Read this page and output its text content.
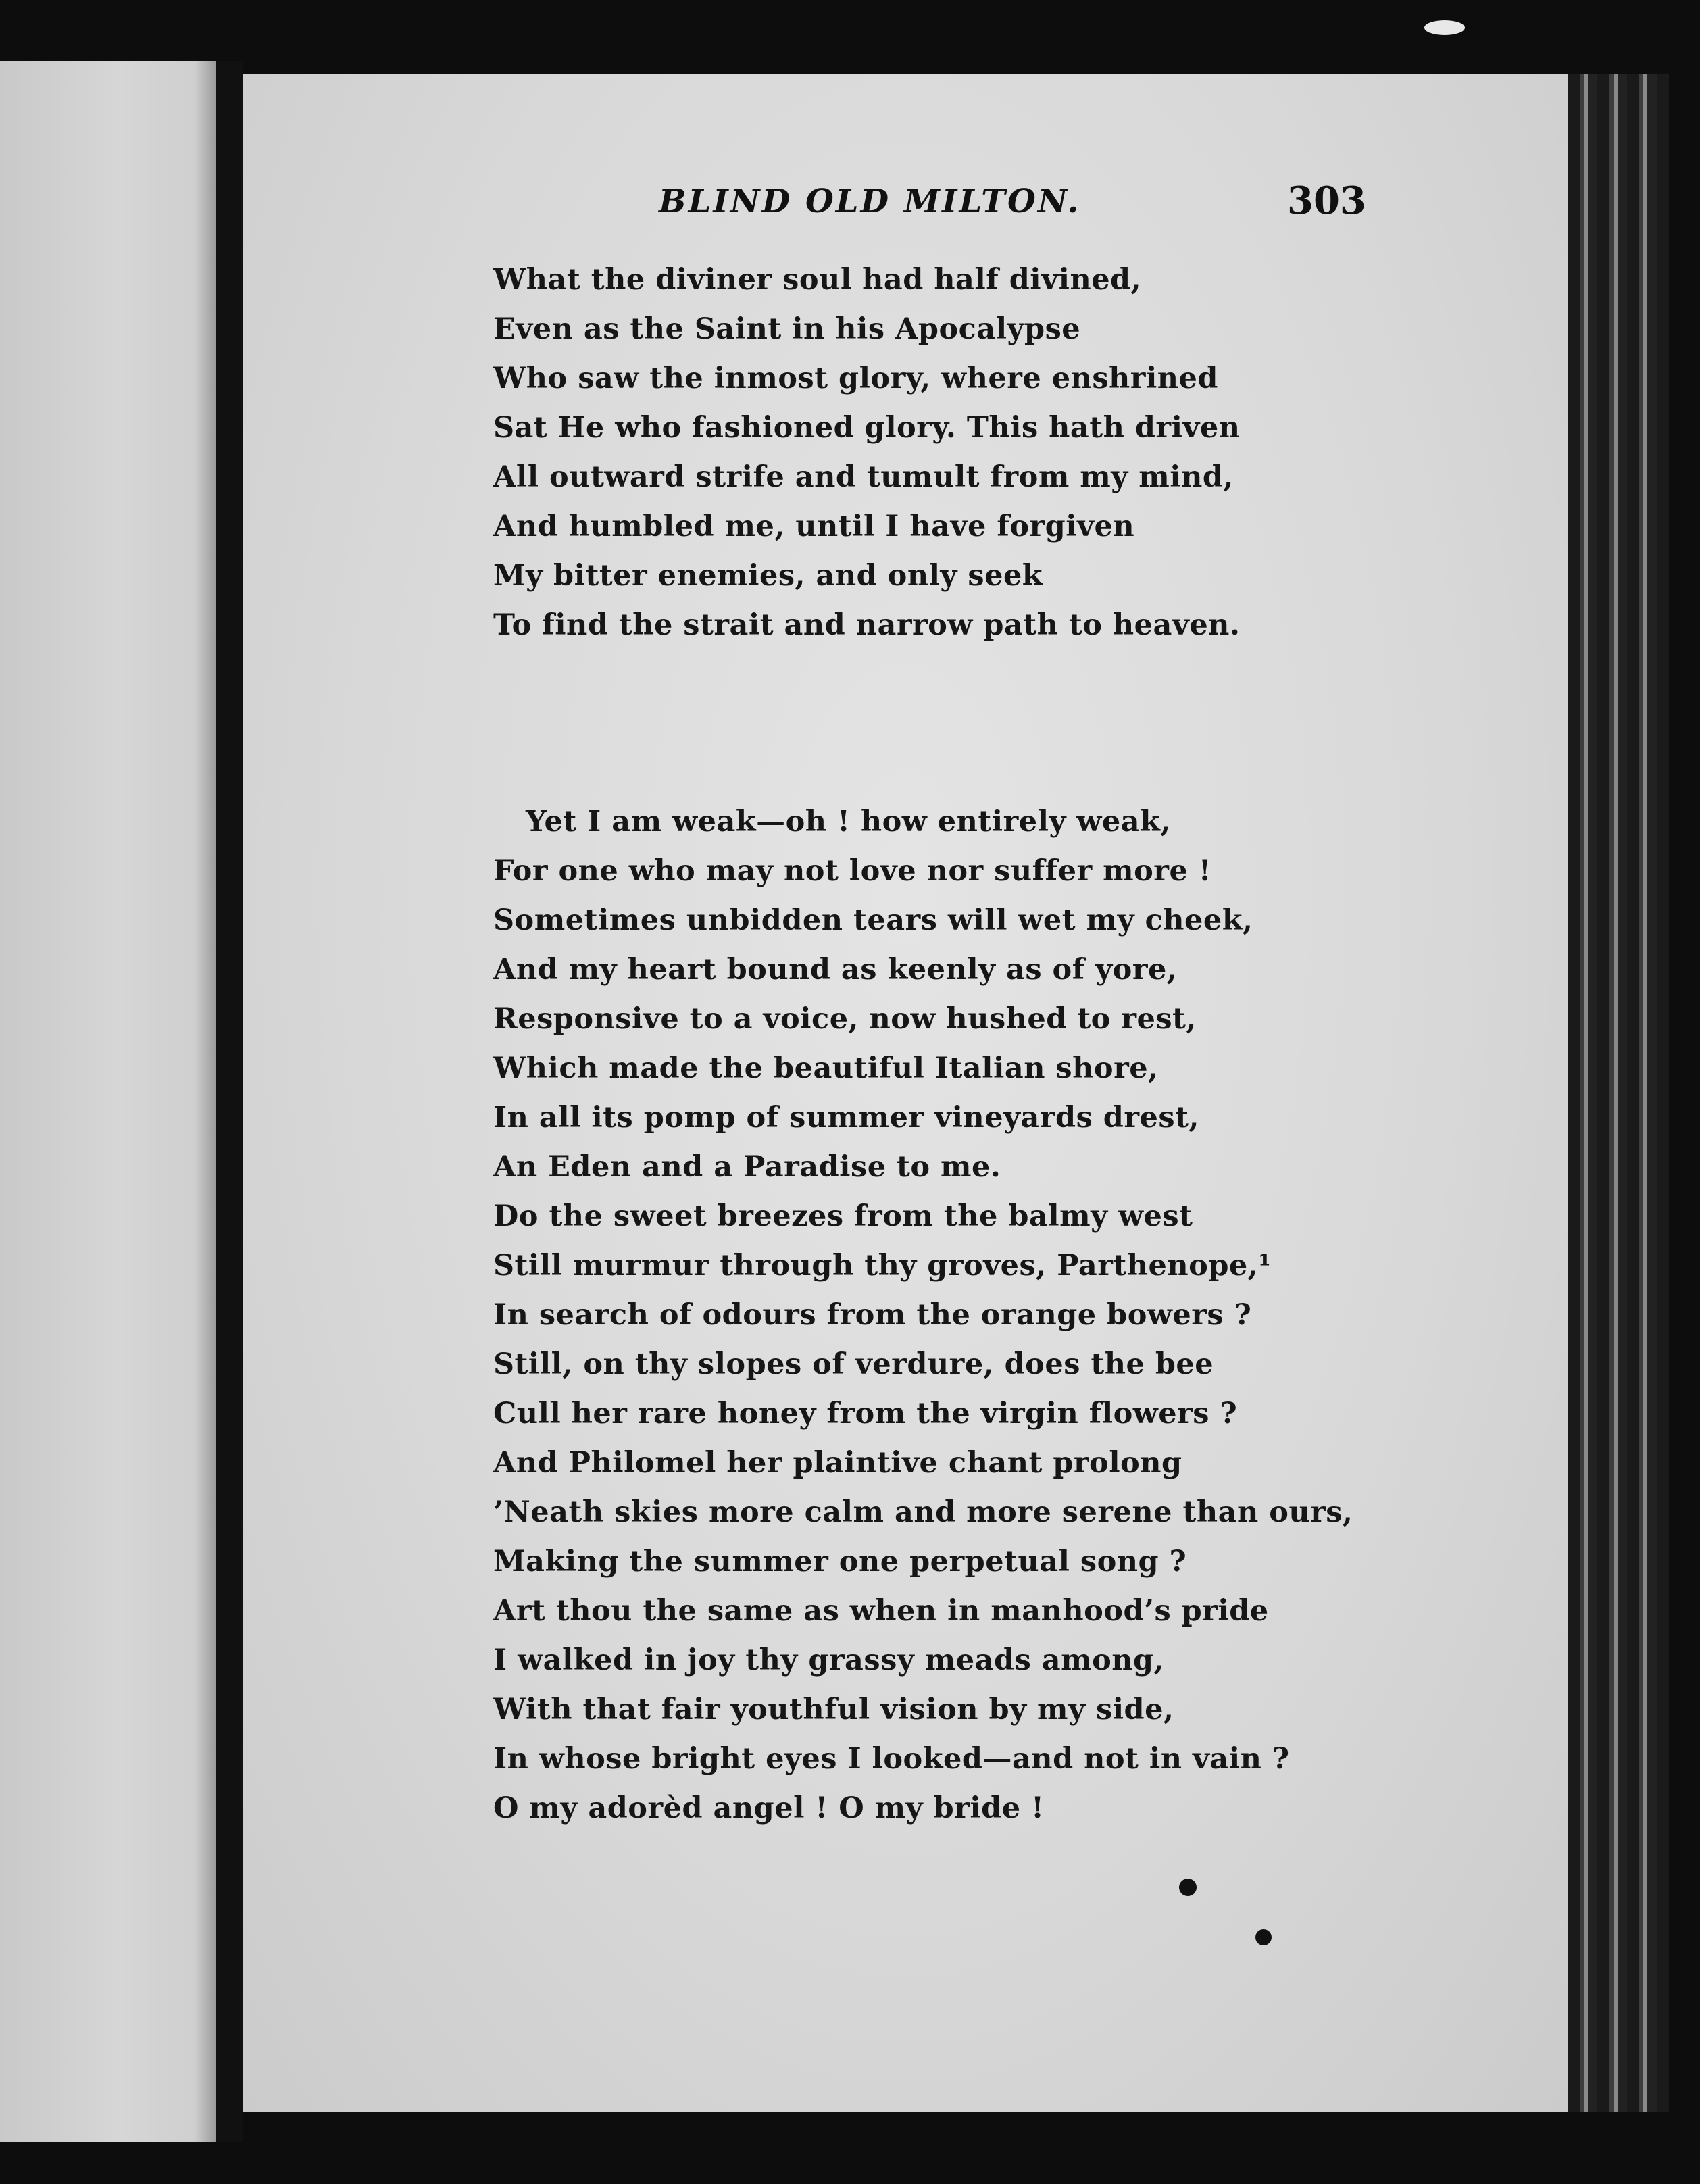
BLIND OLD MILTON.	303
What the diviner soul had half divined,
Even as the Saint in his Apocalypse
Who saw the inmost glory, where enshrined
Sat He who fashioned glory. This hath driven
All outward strife and tumult from my mind,
And humbled me, until I have forgiven
My bitter enemies, and only seek
To find the strait and narrow path to heaven.
Yet I am weak—oh ! how entirely weak,
For one who may not love nor suffer more !
Sometimes unbidden tears will wet my cheek,
And my heart bound as keenly as of yore,
Responsive to a voice, now hushed to rest,
Which made the beautiful Italian shore,
In all its pomp of summer vineyards drest,
An Eden and a Paradise to me.
Do the sweet breezes from the balmy west
Still murmur through thy groves, Parthenope,¹
In search of odours from the orange bowers ?
Still, on thy slopes of verdure, does the bee
Cull her rare honey from the virgin flowers ?
And Philomel her plaintive chant prolong
’Neath skies more calm and more serene than ours,
Making the summer one perpetual song ?
Art thou the same as when in manhood’s pride
I walked in joy thy grassy meads among,
With that fair youthful vision by my side,
In whose bright eyes I looked—and not in vain ?
O my adorèd angel ! O my bride !
